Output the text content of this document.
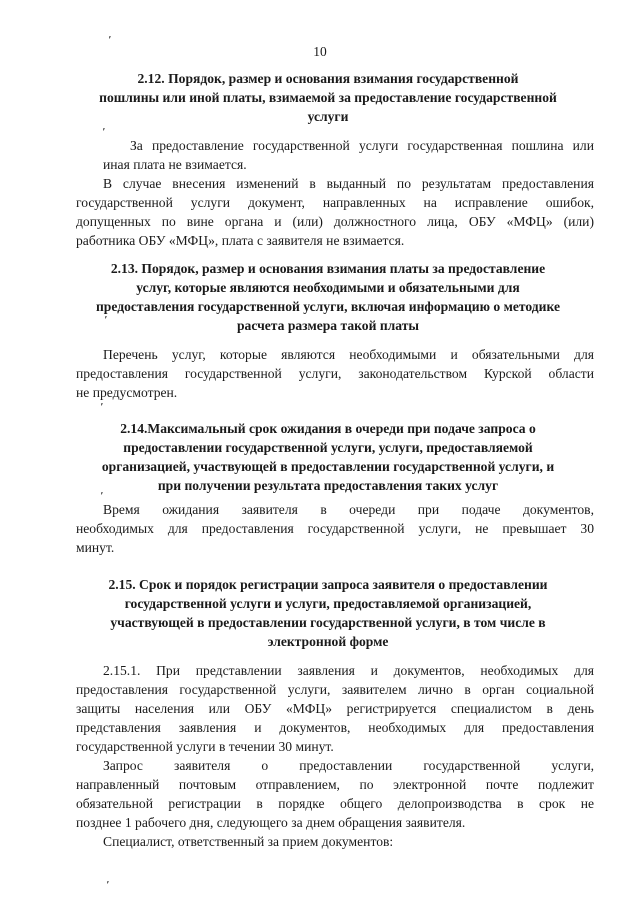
10
2.12. Порядок, размер и основания взимания государственной
пошлины или иной платы, взимаемой за предоставление государственной
услуги
За предоставление государственной услуги государственная пошлина или
иная плата не взимается.
В случае внесения изменений в выданный по результатам предоставления
государственной услуги документ, направленных на исправление ошибок,
допущенных по вине органа и (или) должностного лица, ОБУ «МФЦ» (или)
работника ОБУ «МФЦ», плата с заявителя не взимается.
2.13. Порядок, размер и основания взимания платы за предоставление
услуг, которые являются необходимыми и обязательными для
предоставления государственной услуги, включая информацию о методике
расчета размера такой платы
Перечень услуг, которые являются необходимыми и обязательными для
предоставления государственной услуги, законодательством Курской области
не предусмотрен.
2.14.Максимальный срок ожидания в очереди при подаче запроса о
предоставлении государственной услуги, услуги, предоставляемой
организацией, участвующей в предоставлении государственной услуги, и
при получении результата предоставления таких услуг
Время ожидания заявителя в очереди при подаче документов,
необходимых для предоставления государственной услуги, не превышает 30
минут.
2.15. Срок и порядок регистрации запроса заявителя о предоставлении
государственной услуги и услуги, предоставляемой организацией,
участвующей в предоставлении государственной услуги, в том числе в
электронной форме
2.15.1. При представлении заявления и документов, необходимых для
предоставления государственной услуги, заявителем лично в орган социальной
защиты населения или ОБУ «МФЦ» регистрируется специалистом в день
представления заявления и документов, необходимых для предоставления
государственной услуги в течении 30 минут.
Запрос заявителя о предоставлении государственной услуги,
направленный почтовым отправлением, по электронной почте подлежит
обязательной регистрации в порядке общего делопроизводства в срок не
позднее 1 рабочего дня, следующего за днем обращения заявителя.
Специалист, ответственный за прием документов:
ʼ
ʼ
ʼ
ʼ
ʼ
ʼ
